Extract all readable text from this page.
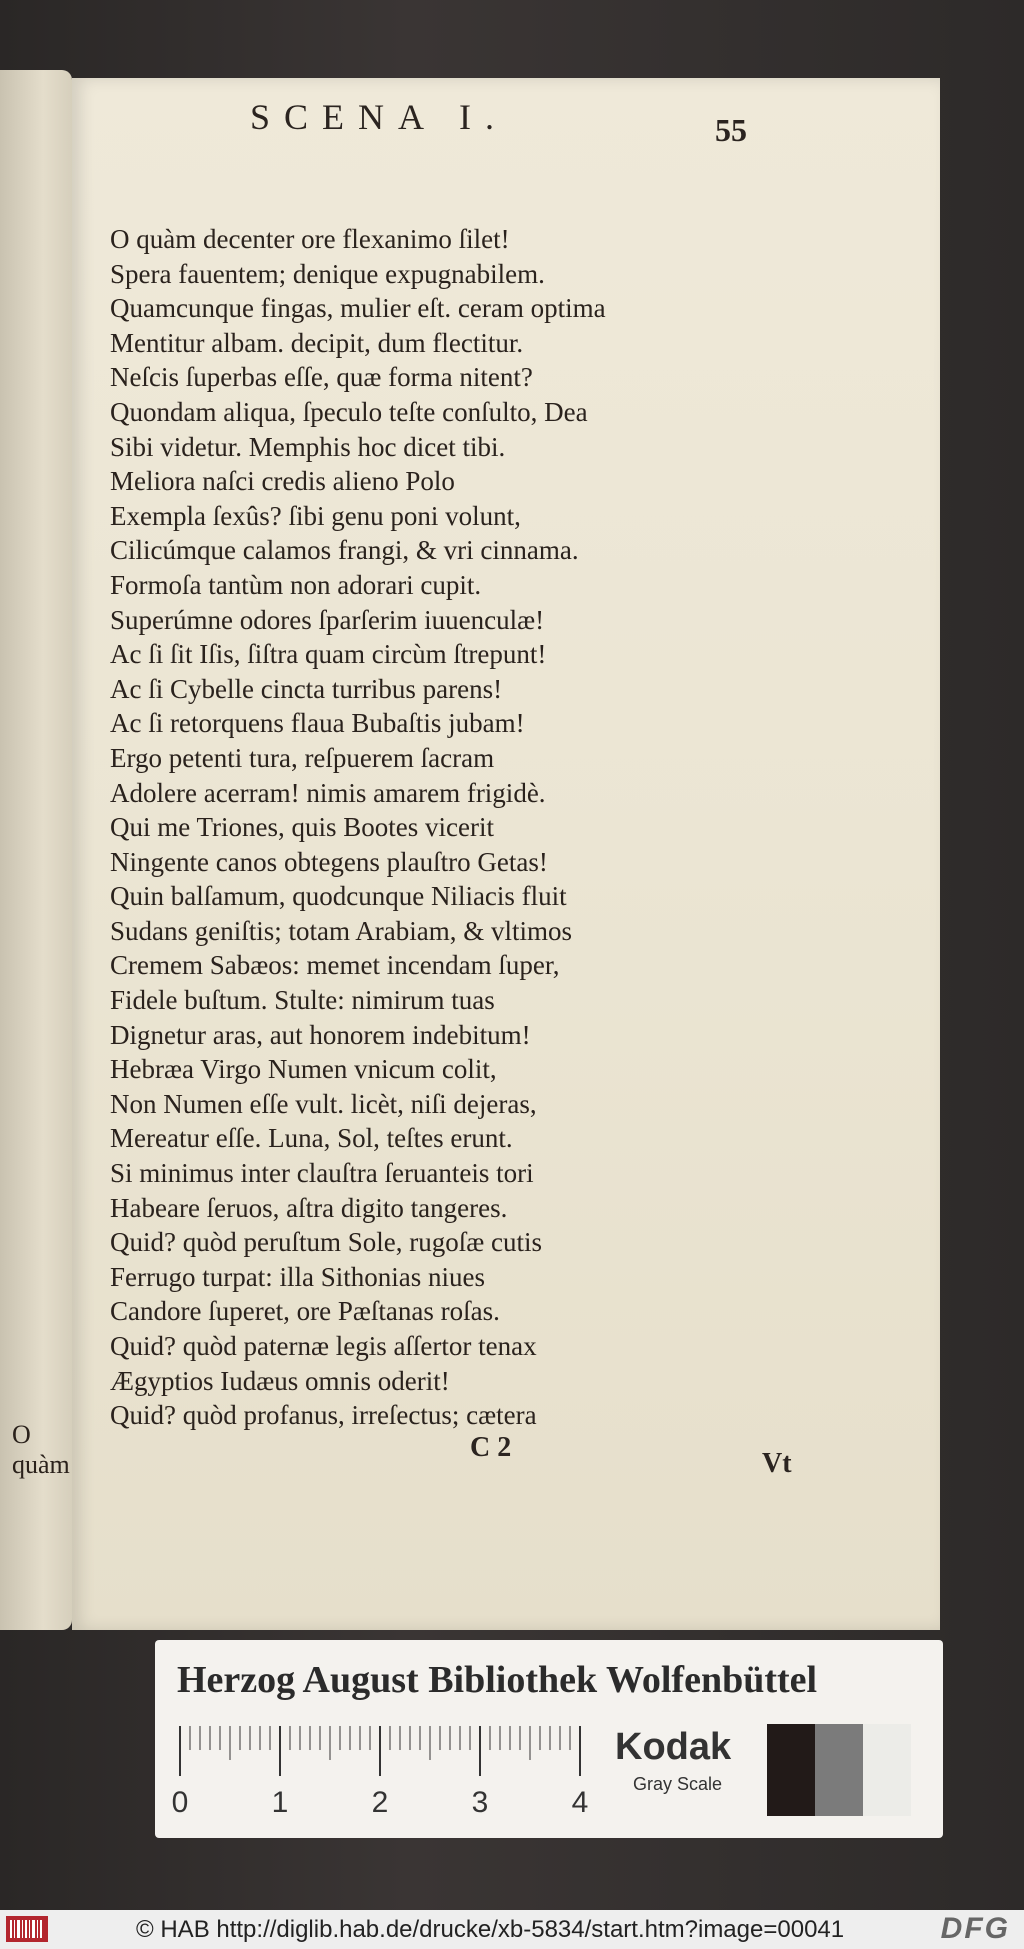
O quàm
SCENA I.	55
O quàm decenter ore flexanimo ſilet!
Spera fauentem; denique expugnabilem.
Quamcunque fingas, mulier eſt. ceram optima
Mentitur albam. decipit, dum flectitur.
Neſcis ſuperbas eſſe, quæ forma nitent?
Quondam aliqua, ſpeculo teſte conſulto, Dea
Sibi videtur. Memphis hoc dicet tibi.
Meliora naſci credis alieno Polo
Exempla ſexûs? ſibi genu poni volunt,
Cilicúmque calamos frangi, & vri cinnama.
Formoſa tantùm non adorari cupit.
Superúmne odores ſparſerim iuuenculæ!
Ac ſi ſit Iſis, ſiſtra quam circùm ſtrepunt!
Ac ſi Cybelle cincta turribus parens!
Ac ſi retorquens flaua Bubaſtis jubam!
Ergo petenti tura, reſpuerem ſacram
Adolere acerram! nimis amarem frigidè.
Qui me Triones, quis Bootes vicerit
Ningente canos obtegens plauſtro Getas!
Quin balſamum, quodcunque Niliacis fluit
Sudans geniſtis; totam Arabiam, & vltimos
Cremem Sabæos: memet incendam ſuper,
Fidele buſtum. Stulte: nimirum tuas
Dignetur aras, aut honorem indebitum!
Hebræa Virgo Numen vnicum colit,
Non Numen eſſe vult. licèt, niſi dejeras,
Mereatur eſſe. Luna, Sol, teſtes erunt.
Si minimus inter clauſtra ſeruanteis tori
Habeare ſeruos, aſtra digito tangeres.
Quid? quòd peruſtum Sole, rugoſæ cutis
Ferrugo turpat: illa Sithonias niues
Candore ſuperet, ore Pæſtanas roſas.
Quid? quòd paternæ legis aſſertor tenax
Ægyptios Iudæus omnis oderit!
Quid? quòd profanus, irreſectus; cætera
C 2
Vt
Herzog August Bibliothek Wolfenbüttel
0	1	2	3	4
Kodak
Gray Scale
© HAB http://diglib.hab.de/drucke/xb-5834/start.htm?image=00041	DFG
